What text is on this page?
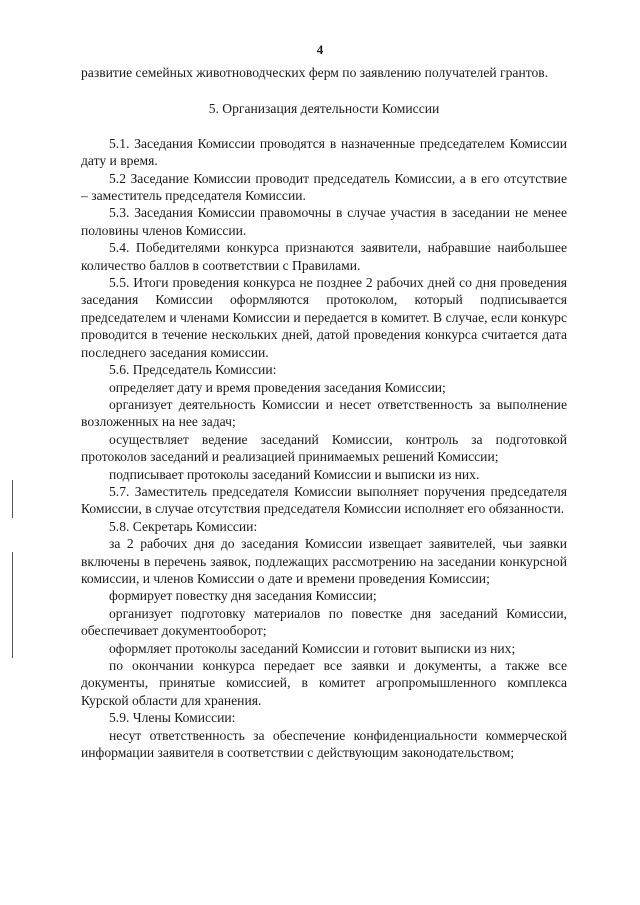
4

развитие семейных животноводческих ферм по заявлению получателей грантов.

5. Организация деятельности Комиссии

5.1. Заседания Комиссии проводятся в назначенные председателем Комиссии дату и время.

5.2 Заседание Комиссии проводит председатель Комиссии, а в его отсутствие – заместитель председателя Комиссии.

5.3. Заседания Комиссии правомочны в случае участия в заседании не менее половины членов Комиссии.

5.4. Победителями конкурса признаются заявители, набравшие наибольшее количество баллов в соответствии с Правилами.

5.5. Итоги проведения конкурса не позднее 2 рабочих дней со дня проведения заседания Комиссии оформляются протоколом, который подписывается председателем и членами Комиссии и передается в комитет. В случае, если конкурс проводится в течение нескольких дней, датой проведения конкурса считается дата последнего заседания комиссии.

5.6. Председатель Комиссии:

определяет дату и время проведения заседания Комиссии;

организует деятельность Комиссии и несет ответственность за выполнение возложенных на нее задач;

осуществляет ведение заседаний Комиссии, контроль за подготовкой протоколов заседаний и реализацией принимаемых решений Комиссии;

подписывает протоколы заседаний Комиссии и выписки из них.

5.7. Заместитель председателя Комиссии выполняет поручения председателя Комиссии, в случае отсутствия председателя Комиссии исполняет его обязанности.

5.8. Секретарь Комиссии:

за 2 рабочих дня до заседания Комиссии извещает заявителей, чьи заявки включены в перечень заявок, подлежащих рассмотрению на заседании конкурсной комиссии, и членов Комиссии о дате и времени проведения Комиссии;

формирует повестку дня заседания Комиссии;

организует подготовку материалов по повестке дня заседаний Комиссии, обеспечивает документооборот;

оформляет протоколы заседаний Комиссии и готовит выписки из них;

по окончании конкурса передает все заявки и документы, а также все документы, принятые комиссией, в комитет агропромышленного комплекса Курской области для хранения.

5.9. Члены Комиссии:

несут ответственность за обеспечение конфиденциальности коммерческой информации заявителя в соответствии с действующим законодательством;
